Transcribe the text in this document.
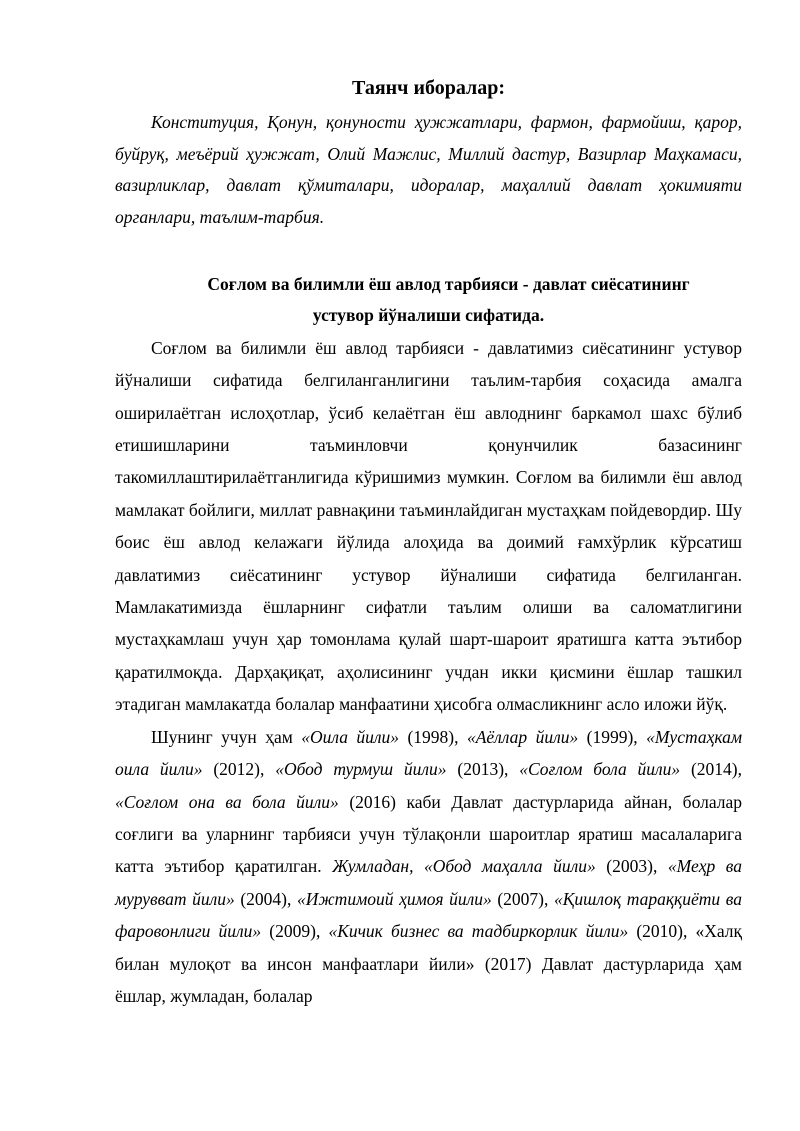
Таянч иборалар:

Конституция, Қонун, қонуности ҳужжатлари, фармон, фармойиш, қарор, буйруқ, меъёрий ҳужжат, Олий Мажлис, Миллий дастур, Вазирлар Маҳкамаси, вазирликлар, давлат қўмиталари, идоралар, маҳаллий давлат ҳокимияти органлари, таълим-тарбия.

Соғлом ва билимли ёш авлод тарбияси - давлат сиёсатининг
устувор йўналиши сифатида.

Соғлом ва билимли ёш авлод тарбияси - давлатимиз сиёсатининг устувор йўналиши сифатида белгиланганлигини таълим-тарбия соҳасида амалга оширилаётган ислоҳотлар, ўсиб келаётган ёш авлоднинг баркамол шахс бўлиб етишишларини таъминловчи қонунчилик базасининг такомиллаштирилаётганлигида кўришимиз мумкин. Соғлом ва билимли ёш авлод мамлакат бойлиги, миллат равнақини таъминлайдиган мустаҳкам пойдевордир. Шу боис ёш авлод келажаги йўлида алоҳида ва доимий ғамхўрлик кўрсатиш давлатимиз сиёсатининг устувор йўналиши сифатида белгиланган. Мамлакатимизда ёшларнинг сифатли таълим олиши ва саломатлигини мустаҳкамлаш учун ҳар томонлама қулай шарт-шароит яратишга катта эътибор қаратилмоқда. Дарҳақиқат, аҳолисининг учдан икки қисмини ёшлар ташкил этадиган мамлакатда болалар манфаатини ҳисобга олмасликнинг асло иложи йўқ.

Шунинг учун ҳам «Оила йили» (1998), «Аёллар йили» (1999), «Мустаҳкам оила йили» (2012), «Обод турмуш йили» (2013), «Соғлом бола йили» (2014), «Соғлом она ва бола йили» (2016) каби Давлат дастурларида айнан, болалар соғлиги ва уларнинг тарбияси учун тўлақонли шароитлар яратиш масалаларига катта эътибор қаратилган. Жумладан, «Обод маҳалла йили» (2003), «Меҳр ва мурувват йили» (2004), «Ижтимоий ҳимоя йили» (2007), «Қишлоқ тараққиёти ва фаровонлиги йили» (2009), «Кичик бизнес ва тадбиркорлик йили» (2010), «Халқ билан мулоқот ва инсон манфаатлари йили» (2017) Давлат дастурларида ҳам ёшлар, жумладан, болалар
